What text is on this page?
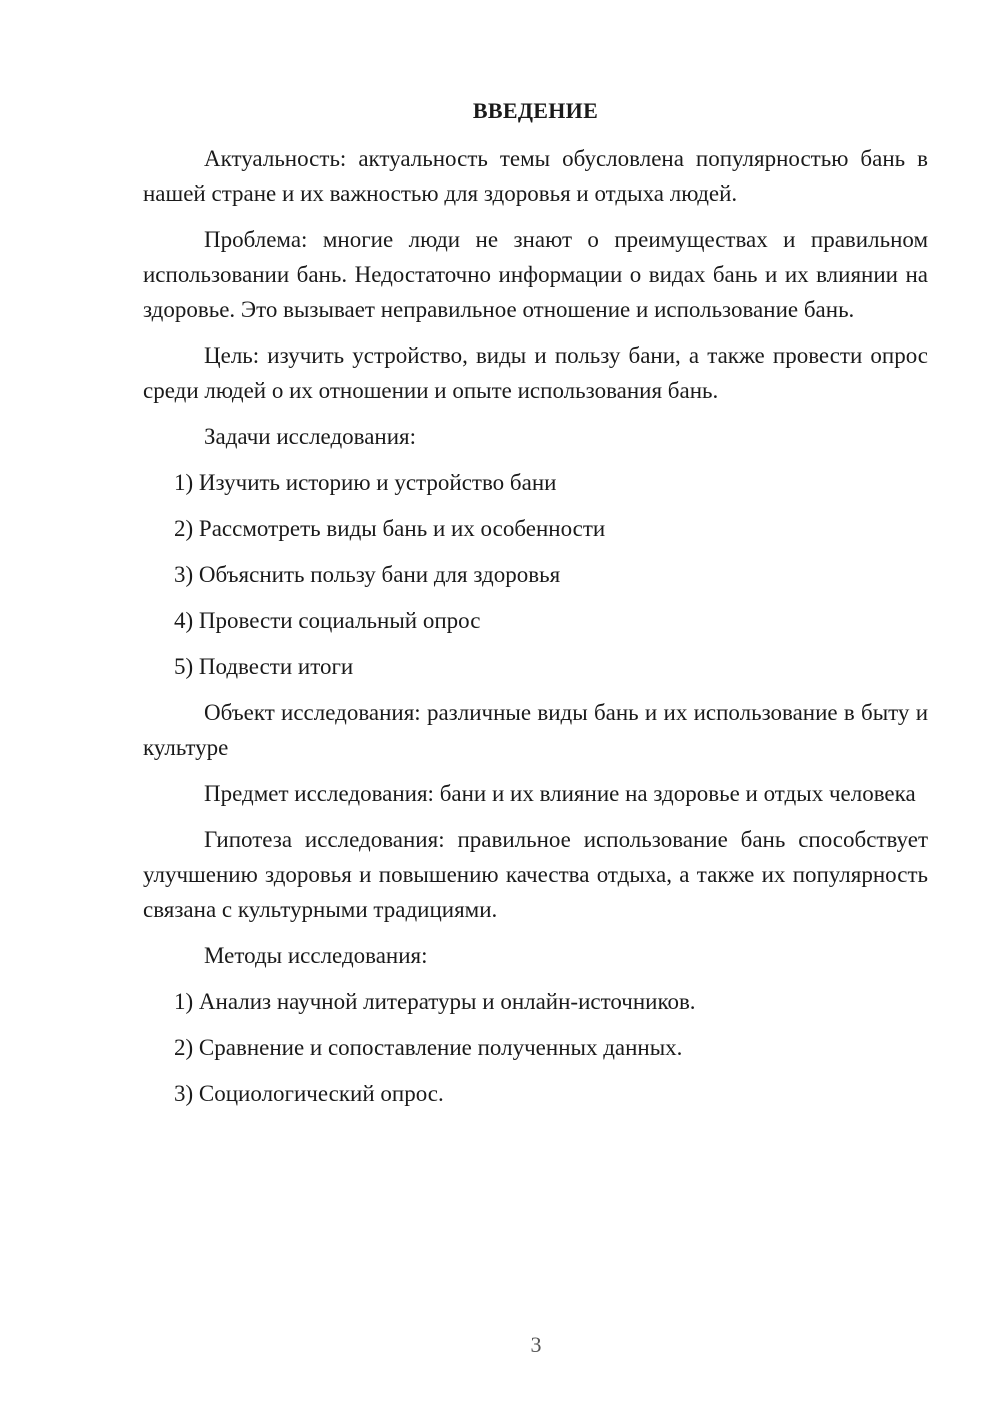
ВВЕДЕНИЕ

Актуальность: актуальность темы обусловлена популярностью бань в нашей стране и их важностью для здоровья и отдыха людей.

Проблема: многие люди не знают о преимуществах и правильном использовании бань. Недостаточно информации о видах бань и их влиянии на здоровье. Это вызывает неправильное отношение и использование бань.

Цель: изучить устройство, виды и пользу бани, а также провести опрос среди людей о их отношении и опыте использования бань.

Задачи исследования:
1) Изучить историю и устройство бани
2) Рассмотреть виды бань и их особенности
3) Объяснить пользу бани для здоровья
4) Провести социальный опрос
5) Подвести итоги

Объект исследования: различные виды бань и их использование в быту и культуре

Предмет исследования: бани и их влияние на здоровье и отдых человека

Гипотеза исследования: правильное использование бань способствует улучшению здоровья и повышению качества отдыха, а также их популярность связана с культурными традициями.

Методы исследования:
1) Анализ научной литературы и онлайн-источников.
2) Сравнение и сопоставление полученных данных.
3) Социологический опрос.
3
